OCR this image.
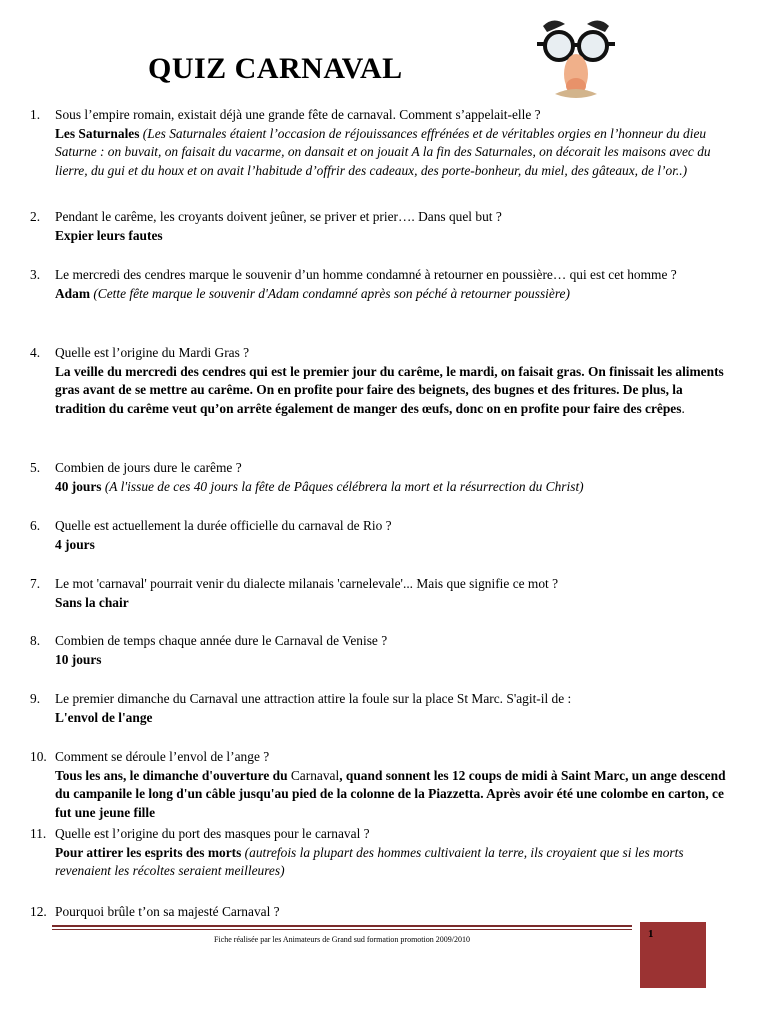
QUIZ CARNAVAL
1.	Sous l’empire romain, existait déjà une grande fête de carnaval. Comment s’appelait-elle ?
Les Saturnales (Les Saturnales étaient l’occasion de réjouissances effrénées et de véritables orgies en l’honneur du dieu Saturne : on buvait, on faisait du vacarme, on dansait et on jouait A la fin des Saturnales, on décorait les maisons avec du lierre, du gui et du houx et on avait l’habitude d’offrir des cadeaux, des porte-bonheur, du miel, des gâteaux, de l’or..)
2.	Pendant le carême, les croyants doivent jeûner, se priver et prier…. Dans quel but ?
Expier leurs fautes
3.	Le mercredi des cendres marque le souvenir d’un homme condamné à retourner en poussière… qui est cet homme ?
Adam (Cette fête marque le souvenir d'Adam condamné après son péché à retourner poussière)
4.	Quelle est l’origine du Mardi Gras ?
La veille du mercredi des cendres qui est le premier jour du carême, le mardi, on faisait gras. On finissait les aliments gras avant de se mettre au carême. On en profite pour faire des beignets, des bugnes et des fritures. De plus, la tradition du carême veut qu’on arrête également de manger des œufs, donc on en profite pour faire des crêpes.
5.	Combien de jours dure le carême ?
40 jours (A l'issue de ces 40 jours la fête de Pâques célébrera la mort et la résurrection du Christ)
6.	Quelle est actuellement la durée officielle du carnaval de Rio ?
4 jours
7.	Le mot 'carnaval' pourrait venir du dialecte milanais 'carnelevale'... Mais que signifie ce mot ?
Sans la chair
8.	Combien de temps chaque année dure le Carnaval de Venise ?
10 jours
9.	Le premier dimanche du Carnaval une attraction attire la foule sur la place St Marc. S'agit-il de :
L'envol de l'ange
10. Comment se déroule l’envol de l’ange ?
Tous les ans, le dimanche d'ouverture du Carnaval, quand sonnent les 12 coups de midi à Saint Marc, un ange descend du campanile le long d'un câble jusqu'au pied de la colonne de la Piazzetta. Après avoir été une colombe en carton, ce fut une jeune fille
11. Quelle est l’origine du port des masques pour le carnaval ?
Pour attirer les esprits des morts (autrefois la plupart des hommes cultivaient la terre, ils croyaient que si les morts revenaient les récoltes seraient meilleures)
12. Pourquoi brûle t’on sa majesté Carnaval ?
Fiche réalisée par les Animateurs de Grand sud formation promotion 2009/2010	1
